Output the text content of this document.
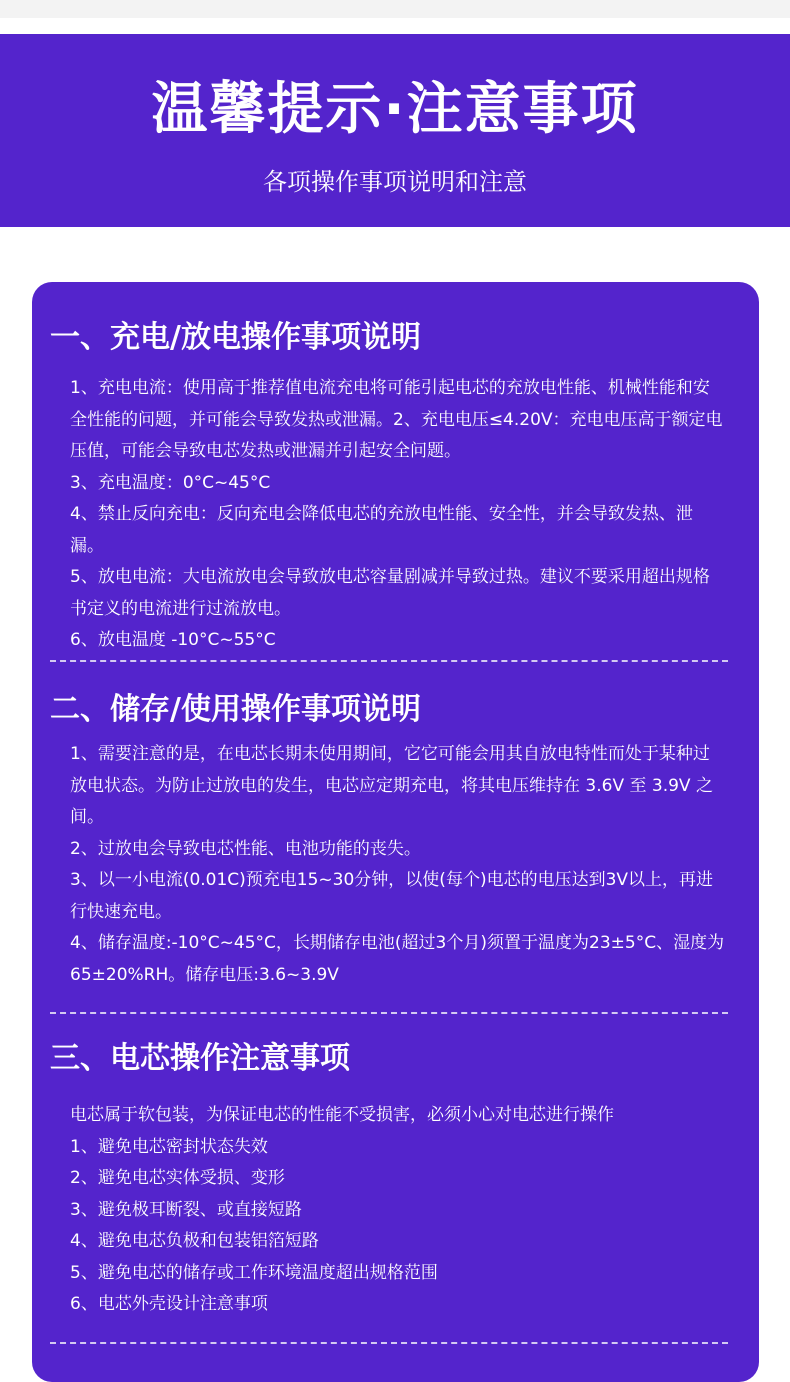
温馨提示·注意事项

各项操作事项说明和注意

一、充电/放电操作事项说明
1、充电电流：使用高于推荐值电流充电将可能引起电芯的充放电性能、机械性能和安全性能的问题，并可能会导致发热或泄漏。2、充电电压≤4.20V：充电电压高于额定电压值，可能会导致电芯发热或泄漏并引起安全问题。
3、充电温度：0°C~45°C
4、禁止反向充电：反向充电会降低电芯的充放电性能、安全性，并会导致发热、泄漏。
5、放电电流：大电流放电会导致放电芯容量剧减并导致过热。建议不要采用超出规格书定义的电流进行过流放电。
6、放电温度 -10°C~55°C
二、储存/使用操作事项说明
1、需要注意的是，在电芯长期未使用期间，它它可能会用其自放电特性而处于某种过放电状态。为防止过放电的发生，电芯应定期充电，将其电压维持在 3.6V 至 3.9V 之间。
2、过放电会导致电芯性能、电池功能的丧失。
3、以一小电流(0.01C)预充电15~30分钟，以使(每个)电芯的电压达到3V以上，再进行快速充电。
4、储存温度:-10°C~45°C，长期储存电池(超过3个月)须置于温度为23±5°C、湿度为65±20%RH。储存电压:3.6~3.9V
三、电芯操作注意事项
电芯属于软包装，为保证电芯的性能不受损害，必须小心对电芯进行操作
1、避免电芯密封状态失效
2、避免电芯实体受损、变形
3、避免极耳断裂、或直接短路
4、避免电芯负极和包装铝箔短路
5、避免电芯的储存或工作环境温度超出规格范围
6、电芯外壳设计注意事项
